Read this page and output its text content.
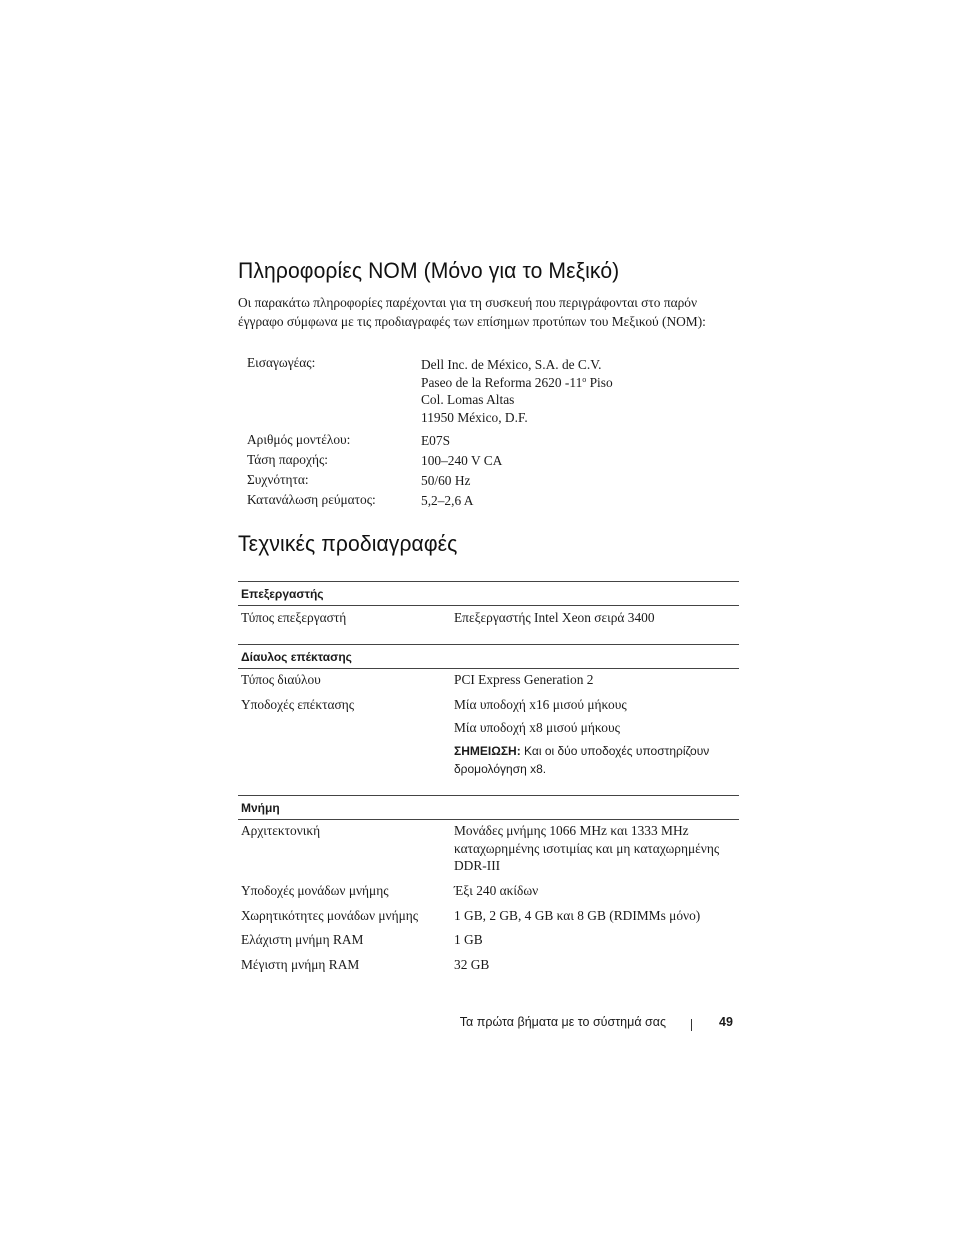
Πληροφορίες NOM (Μόνο για το Μεξικό)

Οι παρακάτω πληροφορίες παρέχονται για τη συσκευή που περιγράφονται στο παρόν
έγγραφο σύμφωνα με τις προδιαγραφές των επίσημων προτύπων του Μεξικού (NOM):

Εισαγωγέας:	Dell Inc. de México, S.A. de C.V.
Paseo de la Reforma 2620 -11$^o$ Piso
Col. Lomas Altas
11950 México, D.F.
Αριθμός μοντέλου:	E07S
Τάση παροχής:	100–240 V CA
Συχνότητα:	50/60 Hz
Κατανάλωση ρεύματος:	5,2–2,6 A
Τεχνικές προδιαγραφές
Επεξεργαστής
Τύπος επεξεργαστή	Επεξεργαστής Intel Xeon σειρά 3400
Δίαυλος επέκτασης
Τύπος διαύλου	PCI Express Generation 2
Υποδοχές επέκτασης	Μία υποδοχή x16 μισού μήκους
Μία υποδοχή x8 μισού μήκους
ΣΗΜΕΙΩΣΗ: Και οι δύο υποδοχές υποστηρίζουν
δρομολόγηση x8.
Μνήμη
Αρχιτεκτονική	Μονάδες μνήμης 1066 MHz και 1333 MHz
καταχωρημένης ισοτιμίας και μη καταχωρημένης
DDR-III
Υποδοχές μονάδων μνήμης	Έξι 240 ακίδων
Χωρητικότητες μονάδων μνήμης	1 GB, 2 GB, 4 GB και 8 GB (RDIMMs μόνο)
Ελάχιστη μνήμη RAM	1 GB
Μέγιστη μνήμη RAM	32 GB
Τα πρώτα βήματα με το σύστημά σας	49
